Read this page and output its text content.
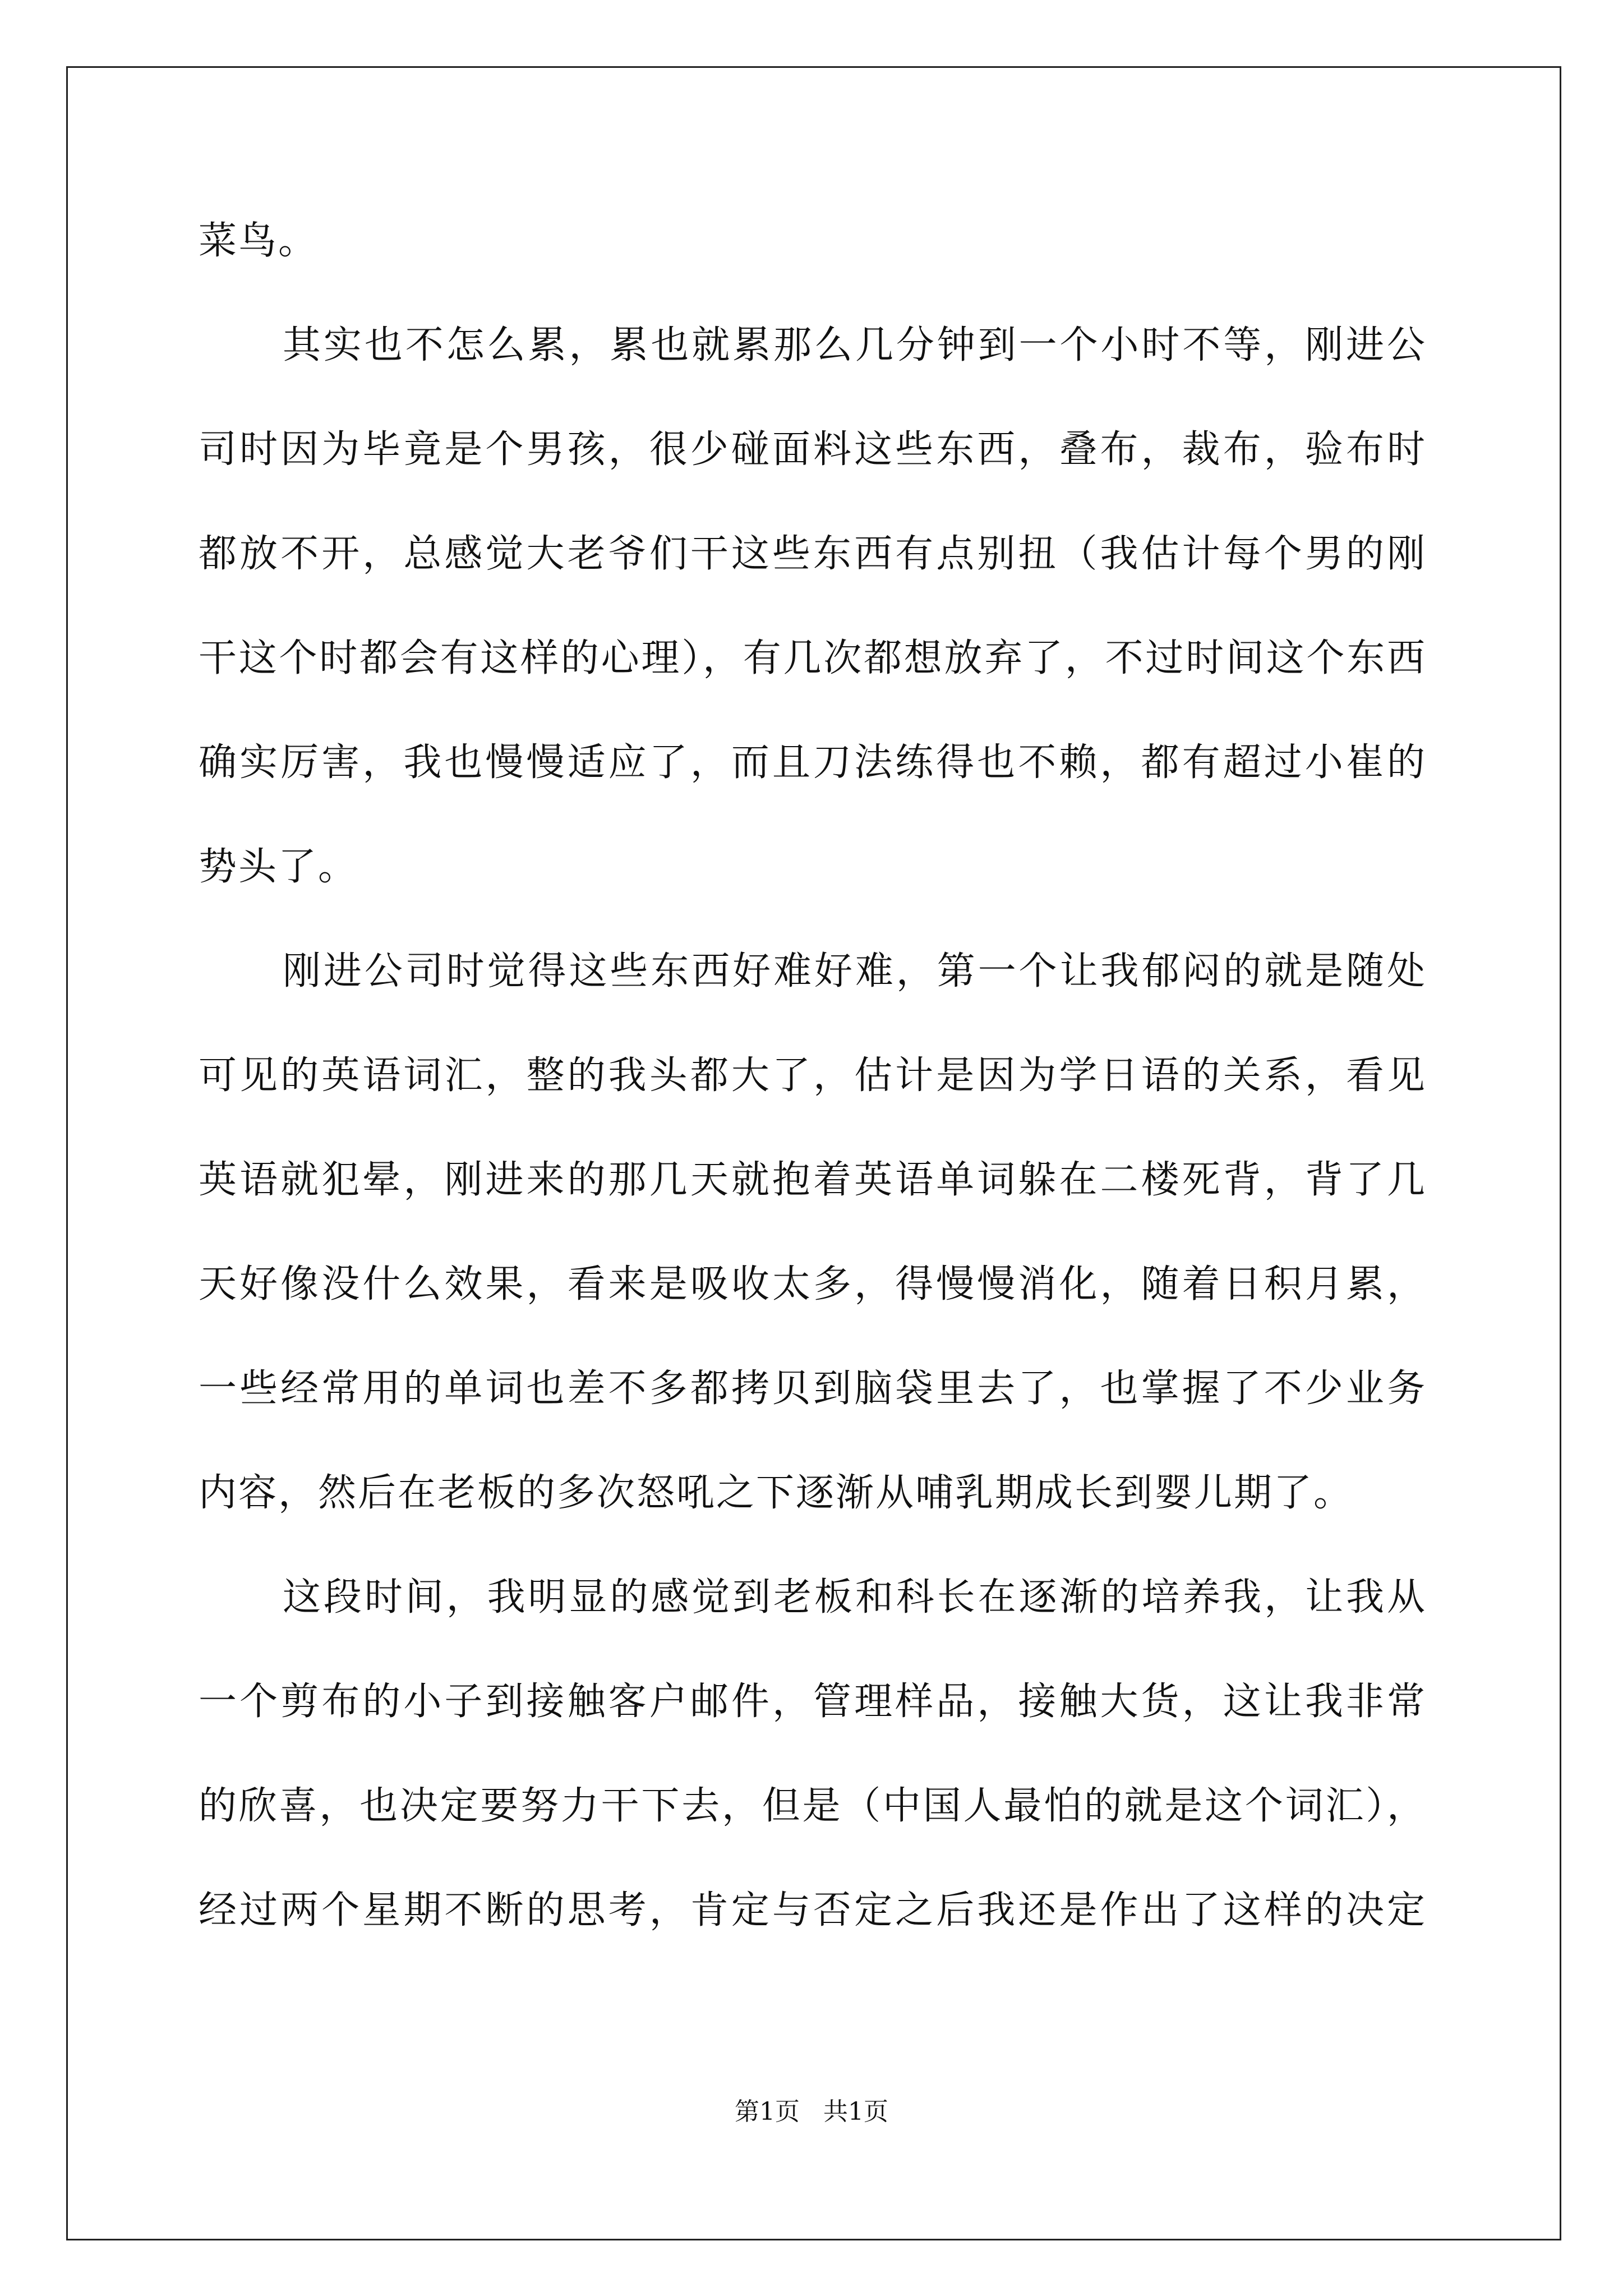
菜鸟。
其实也不怎么累，累也就累那么几分钟到一个小时不等，刚进公
司时因为毕竟是个男孩，很少碰面料这些东西，叠布，裁布，验布时
都放不开，总感觉大老爷们干这些东西有点别扭（我估计每个男的刚
干这个时都会有这样的心理），有几次都想放弃了，不过时间这个东西
确实厉害，我也慢慢适应了，而且刀法练得也不赖，都有超过小崔的
势头了。
刚进公司时觉得这些东西好难好难，第一个让我郁闷的就是随处
可见的英语词汇，整的我头都大了，估计是因为学日语的关系，看见
英语就犯晕，刚进来的那几天就抱着英语单词躲在二楼死背，背了几
天好像没什么效果，看来是吸收太多，得慢慢消化，随着日积月累，
一些经常用的单词也差不多都拷贝到脑袋里去了，也掌握了不少业务
内容，然后在老板的多次怒吼之下逐渐从哺乳期成长到婴儿期了。
这段时间，我明显的感觉到老板和科长在逐渐的培养我，让我从
一个剪布的小子到接触客户邮件，管理样品，接触大货，这让我非常
的欣喜，也决定要努力干下去，但是（中国人最怕的就是这个词汇），
经过两个星期不断的思考，肯定与否定之后我还是作出了这样的决定
第1页   共1页
